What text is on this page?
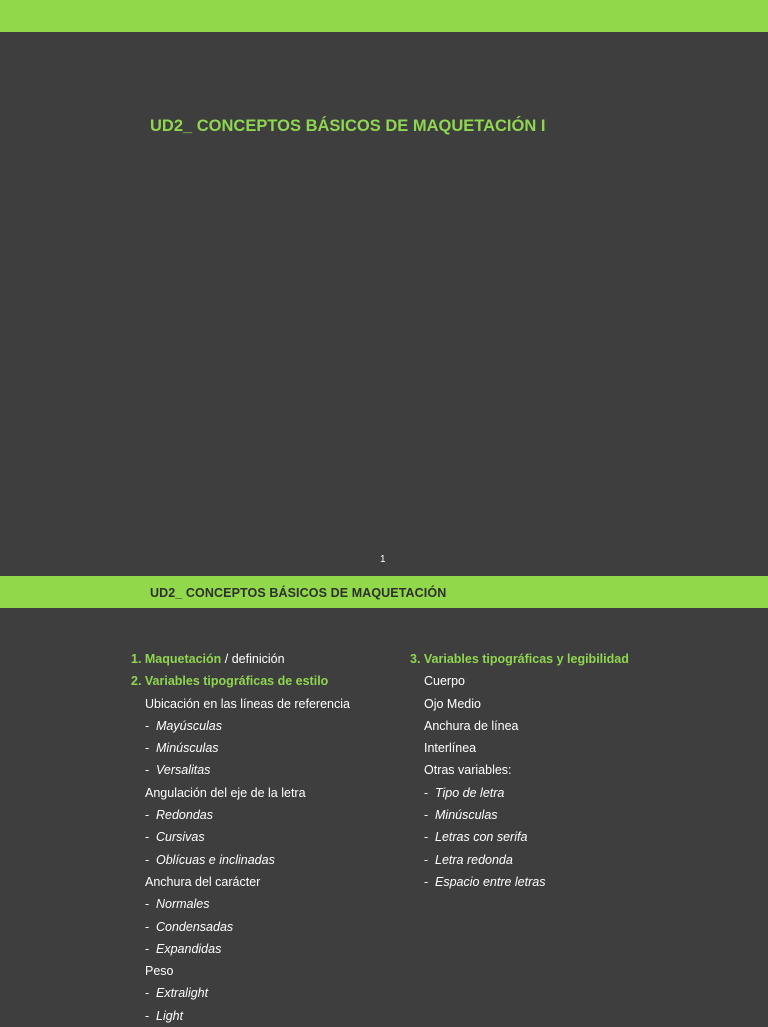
UD2_ CONCEPTOS BÁSICOS DE MAQUETACIÓN I
1
UD2_ CONCEPTOS BÁSICOS DE MAQUETACIÓN
1. Maquetación / definición
2. Variables tipográficas de estilo
Ubicación en las líneas de referencia
- Mayúsculas
- Minúsculas
- Versalitas
Angulación del eje de la letra
- Redondas
- Cursivas
- Oblícuas e inclinadas
Anchura del carácter
- Normales
- Condensadas
- Expandidas
Peso
- Extralight
- Light
3. Variables tipográficas y legibilidad
Cuerpo
Ojo Medio
Anchura de línea
Interlínea
Otras variables:
- Tipo de letra
- Minúsculas
- Letras con serifa
- Letra redonda
- Espacio entre letras
